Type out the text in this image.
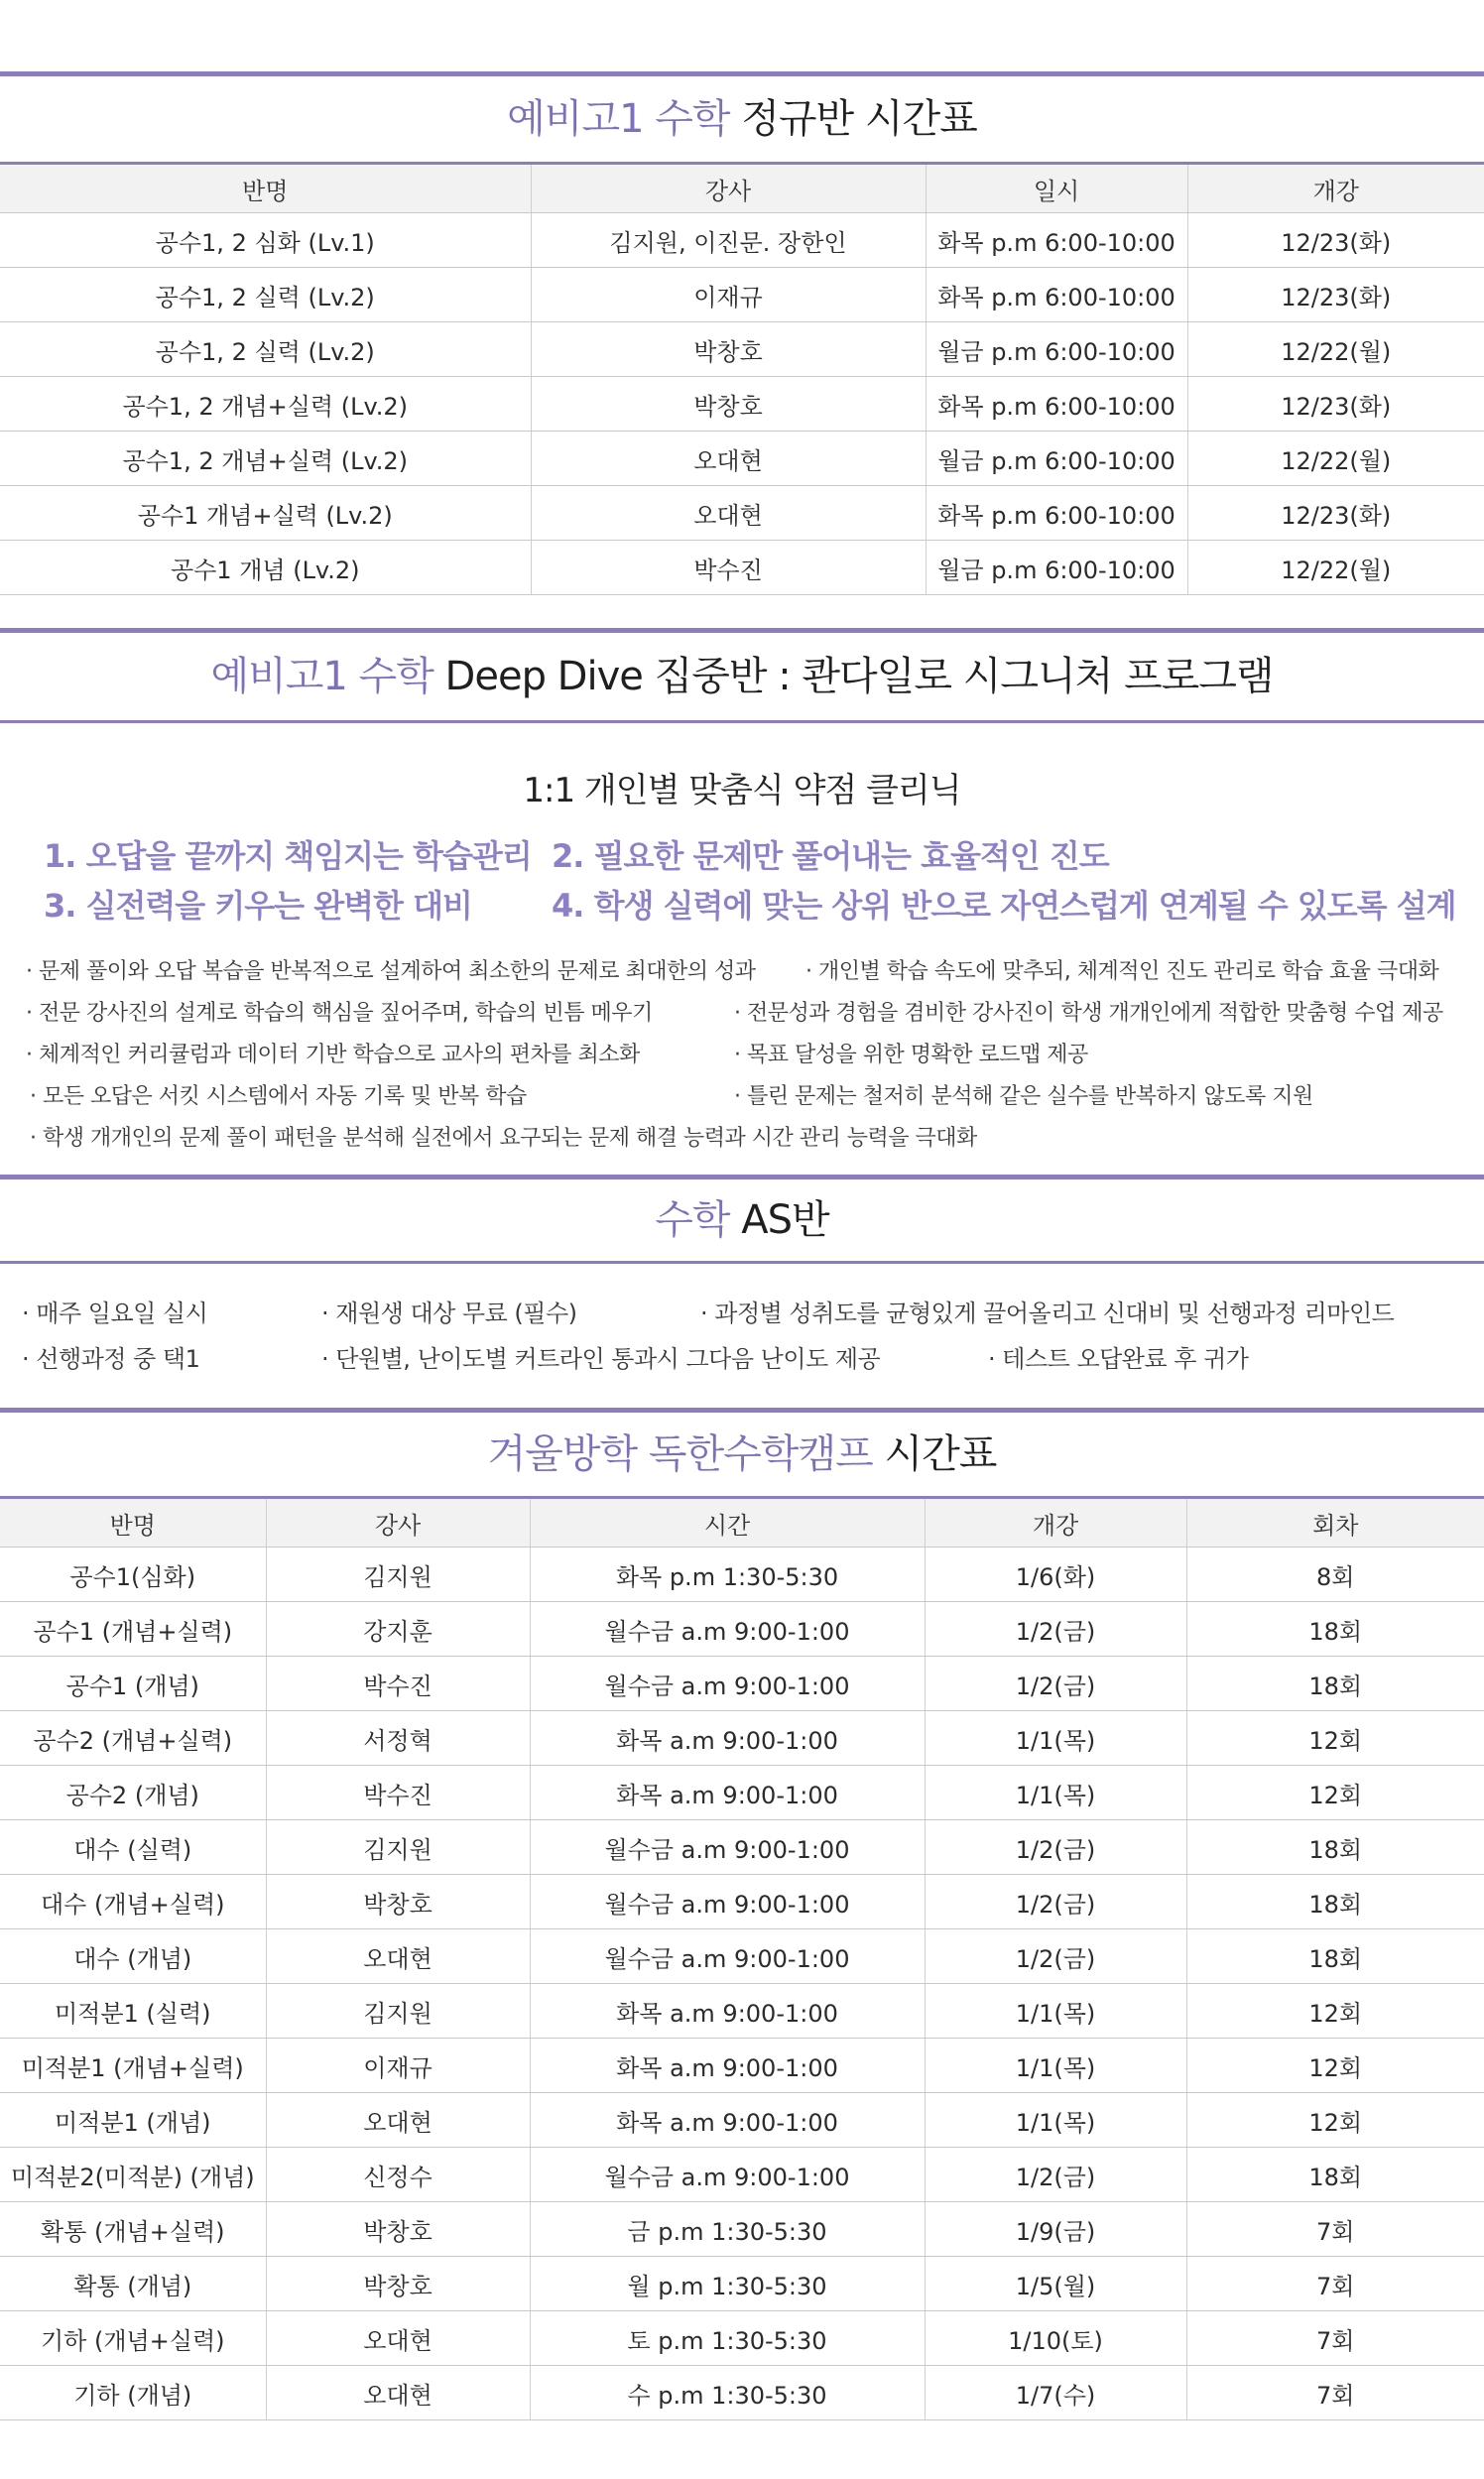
예비고1 수학 정규반 시간표
반명	강사	일시	개강
공수1, 2 심화 (Lv.1)	김지원, 이진문. 장한인	화목 p.m 6:00-10:00	12/23(화)
공수1, 2 실력 (Lv.2)	이재규	화목 p.m 6:00-10:00	12/23(화)
공수1, 2 실력 (Lv.2)	박창호	월금 p.m 6:00-10:00	12/22(월)
공수1, 2 개념+실력 (Lv.2)	박창호	화목 p.m 6:00-10:00	12/23(화)
공수1, 2 개념+실력 (Lv.2)	오대현	월금 p.m 6:00-10:00	12/22(월)
공수1 개념+실력 (Lv.2)	오대현	화목 p.m 6:00-10:00	12/23(화)
공수1 개념 (Lv.2)	박수진	월금 p.m 6:00-10:00	12/22(월)
예비고1 수학 Deep Dive 집중반 : 콴다일로 시그니처 프로그램
1:1 개인별 맞춤식 약점 클리닉
1. 오답을 끝까지 책임지는 학습관리 2. 필요한 문제만 풀어내는 효율적인 진도
3. 실전력을 키우는 완벽한 대비	4. 학생 실력에 맞는 상위 반으로 자연스럽게 연계될 수 있도록 설계
· 문제 풀이와 오답 복습을 반복적으로 설계하여 최소한의 문제로 최대한의 성과 · 개인별 학습 속도에 맞추되, 체계적인 진도 관리로 학습 효율 극대화
· 전문 강사진의 설계로 학습의 핵심을 짚어주며, 학습의 빈틈 메우기	· 전문성과 경험을 겸비한 강사진이 학생 개개인에게 적합한 맞춤형 수업 제공
· 체계적인 커리큘럼과 데이터 기반 학습으로 교사의 편차를 최소화	· 목표 달성을 위한 명확한 로드맵 제공
· 모든 오답은 서킷 시스템에서 자동 기록 및 반복 학습	· 틀린 문제는 철저히 분석해 같은 실수를 반복하지 않도록 지원
· 학생 개개인의 문제 풀이 패턴을 분석해 실전에서 요구되는 문제 해결 능력과 시간 관리 능력을 극대화
수학 AS반
· 매주 일요일 실시	· 재원생 대상 무료 (필수)	· 과정별 성취도를 균형있게 끌어올리고 신대비 및 선행과정 리마인드
· 선행과정 중 택1	· 단원별, 난이도별 커트라인 통과시 그다음 난이도 제공	· 테스트 오답완료 후 귀가
겨울방학 독한수학캠프 시간표
반명	강사	시간	개강	회차
공수1(심화)	김지원	화목 p.m 1:30-5:30	1/6(화)	8회
공수1 (개념+실력)	강지훈	월수금 a.m 9:00-1:00	1/2(금)	18회
공수1 (개념)	박수진	월수금 a.m 9:00-1:00	1/2(금)	18회
공수2 (개념+실력)	서정혁	화목 a.m 9:00-1:00	1/1(목)	12회
공수2 (개념)	박수진	화목 a.m 9:00-1:00	1/1(목)	12회
대수 (실력)	김지원	월수금 a.m 9:00-1:00	1/2(금)	18회
대수 (개념+실력)	박창호	월수금 a.m 9:00-1:00	1/2(금)	18회
대수 (개념)	오대현	월수금 a.m 9:00-1:00	1/2(금)	18회
미적분1 (실력)	김지원	화목 a.m 9:00-1:00	1/1(목)	12회
미적분1 (개념+실력)	이재규	화목 a.m 9:00-1:00	1/1(목)	12회
미적분1 (개념)	오대현	화목 a.m 9:00-1:00	1/1(목)	12회
미적분2(미적분) (개념)	신정수	월수금 a.m 9:00-1:00	1/2(금)	18회
확통 (개념+실력)	박창호	금 p.m 1:30-5:30	1/9(금)	7회
확통 (개념)	박창호	월 p.m 1:30-5:30	1/5(월)	7회
기하 (개념+실력)	오대현	토 p.m 1:30-5:30	1/10(토)	7회
기하 (개념)	오대현	수 p.m 1:30-5:30	1/7(수)	7회
